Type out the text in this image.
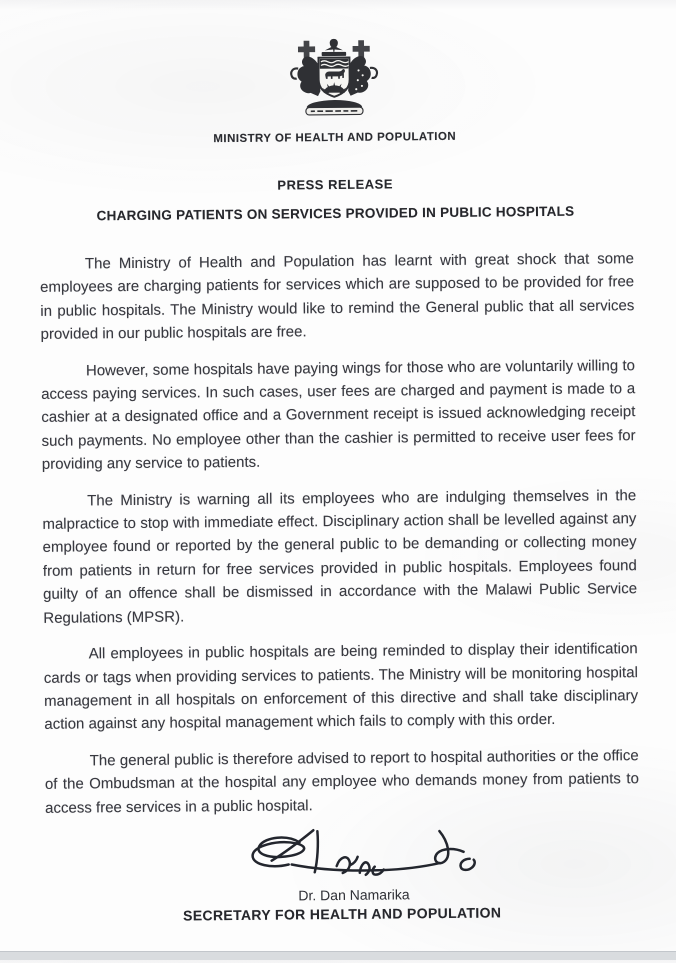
MINISTRY OF HEALTH AND POPULATION
PRESS RELEASE
CHARGING PATIENTS ON SERVICES PROVIDED IN PUBLIC HOSPITALS

The Ministry of Health and Population has learnt with great shock that some employees are charging patients for services which are supposed to be provided for free in public hospitals. The Ministry would like to remind the General public that all services provided in our public hospitals are free.

However, some hospitals have paying wings for those who are voluntarily willing to access paying services. In such cases, user fees are charged and payment is made to a cashier at a designated office and a Government receipt is issued acknowledging receipt such payments. No employee other than the cashier is permitted to receive user fees for providing any service to patients.

The Ministry is warning all its employees who are indulging themselves in the malpractice to stop with immediate effect. Disciplinary action shall be levelled against any employee found or reported by the general public to be demanding or collecting money from patients in return for free services provided in public hospitals. Employees found guilty of an offence shall be dismissed in accordance with the Malawi Public Service Regulations (MPSR).

All employees in public hospitals are being reminded to display their identification cards or tags when providing services to patients. The Ministry will be monitoring hospital management in all hospitals on enforcement of this directive and shall take disciplinary action against any hospital management which fails to comply with this order.

The general public is therefore advised to report to hospital authorities or the office of the Ombudsman at the hospital any employee who demands money from patients to access free services in a public hospital.

Dr. Dan Namarika
SECRETARY FOR HEALTH AND POPULATION
